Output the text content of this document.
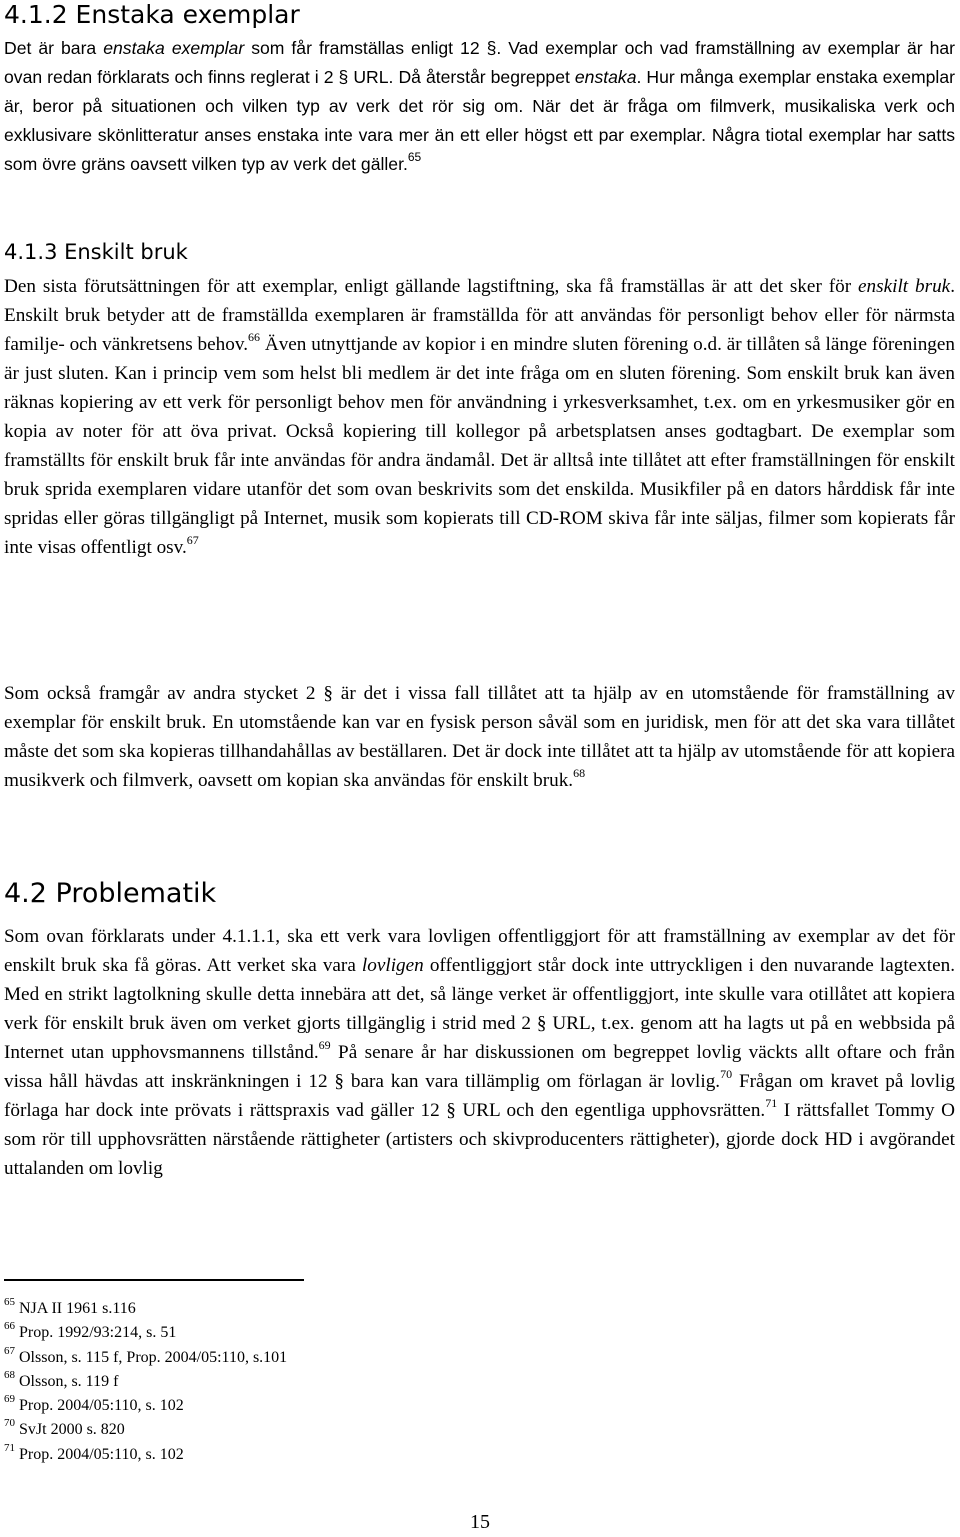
4.1.2 Enstaka exemplar

Det är bara enstaka exemplar som får framställas enligt 12 §. Vad exemplar och vad framställning av exemplar är har ovan redan förklarats och finns reglerat i 2 § URL. Då återstår begreppet enstaka. Hur många exemplar enstaka exemplar är, beror på situationen och vilken typ av verk det rör sig om. När det är fråga om filmverk, musikaliska verk och exklusivare skönlitteratur anses enstaka inte vara mer än ett eller högst ett par exemplar. Några tiotal exemplar har satts som övre gräns oavsett vilken typ av verk det gäller.$^{65}$

4.1.3 Enskilt bruk

Den sista förutsättningen för att exemplar, enligt gällande lagstiftning, ska få framställas är att det sker för enskilt bruk. Enskilt bruk betyder att de framställda exemplaren är framställda för att användas för personligt behov eller för närmsta familje- och vänkretsens behov.$^{66}$ Även utnyttjande av kopior i en mindre sluten förening o.d. är tillåten så länge föreningen är just sluten. Kan i princip vem som helst bli medlem är det inte fråga om en sluten förening. Som enskilt bruk kan även räknas kopiering av ett verk för personligt behov men för användning i yrkesverksamhet, t.ex. om en yrkesmusiker gör en kopia av noter för att öva privat. Också kopiering till kollegor på arbetsplatsen anses godtagbart. De exemplar som framställts för enskilt bruk får inte användas för andra ändamål. Det är alltså inte tillåtet att efter framställningen för enskilt bruk sprida exemplaren vidare utanför det som ovan beskrivits som det enskilda. Musikfiler på en dators hårddisk får inte spridas eller göras tillgängligt på Internet, musik som kopierats till CD-ROM skiva får inte säljas, filmer som kopierats får inte visas offentligt osv.$^{67}$

Som också framgår av andra stycket 2 § är det i vissa fall tillåtet att ta hjälp av en utomstående för framställning av exemplar för enskilt bruk. En utomstående kan var en fysisk person såväl som en juridisk, men för att det ska vara tillåtet måste det som ska kopieras tillhandahållas av beställaren. Det är dock inte tillåtet att ta hjälp av utomstående för att kopiera musikverk och filmverk, oavsett om kopian ska användas för enskilt bruk.$^{68}$

4.2 Problematik

Som ovan förklarats under 4.1.1.1, ska ett verk vara lovligen offentliggjort för att framställning av exemplar av det för enskilt bruk ska få göras. Att verket ska vara lovligen offentliggjort står dock inte uttryckligen i den nuvarande lagtexten. Med en strikt lagtolkning skulle detta innebära att det, så länge verket är offentliggjort, inte skulle vara otillåtet att kopiera verk för enskilt bruk även om verket gjorts tillgänglig i strid med 2 § URL, t.ex. genom att ha lagts ut på en webbsida på Internet utan upphovsmannens tillstånd.$^{69}$ På senare år har diskussionen om begreppet lovlig väckts allt oftare och från vissa håll hävdas att inskränkningen i 12 § bara kan vara tillämplig om förlagan är lovlig.$^{70}$ Frågan om kravet på lovlig förlaga har dock inte prövats i rättspraxis vad gäller 12 § URL och den egentliga upphovsrätten.$^{71}$ I rättsfallet Tommy O som rör till upphovsrätten närstående rättigheter (artisters och skivproducenters rättigheter), gjorde dock HD i avgörandet uttalanden om lovlig

$^{65}$ NJA II 1961 s.116
$^{66}$ Prop. 1992/93:214, s. 51
$^{67}$ Olsson, s. 115 f, Prop. 2004/05:110, s.101
$^{68}$ Olsson, s. 119 f
$^{69}$ Prop. 2004/05:110, s. 102
$^{70}$ SvJt 2000 s. 820
$^{71}$ Prop. 2004/05:110, s. 102
15
